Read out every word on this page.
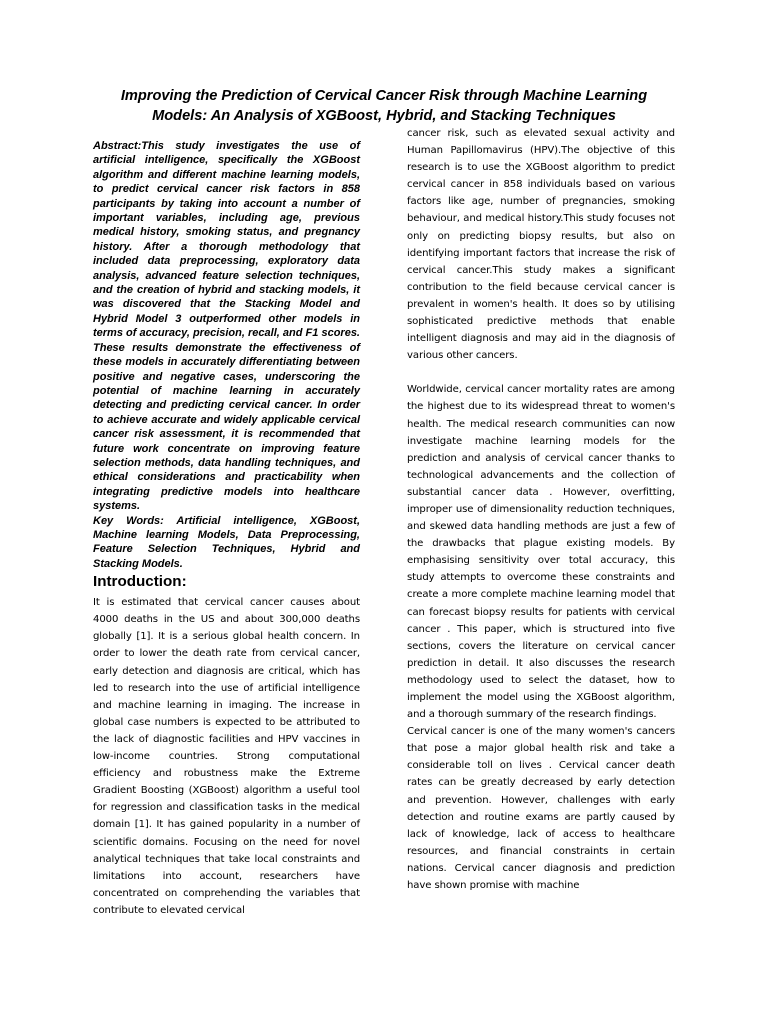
Improving the Prediction of Cervical Cancer Risk through Machine Learning Models: An Analysis of XGBoost, Hybrid, and Stacking Techniques

Abstract:This study investigates the use of artificial intelligence, specifically the XGBoost algorithm and different machine learning models, to predict cervical cancer risk factors in 858 participants by taking into account a number of important variables, including age, previous medical history, smoking status, and pregnancy history. After a thorough methodology that included data preprocessing, exploratory data analysis, advanced feature selection techniques, and the creation of hybrid and stacking models, it was discovered that the Stacking Model and Hybrid Model 3 outperformed other models in terms of accuracy, precision, recall, and F1 scores. These results demonstrate the effectiveness of these models in accurately differentiating between positive and negative cases, underscoring the potential of machine learning in accurately detecting and predicting cervical cancer. In order to achieve accurate and widely applicable cervical cancer risk assessment, it is recommended that future work concentrate on improving feature selection methods, data handling techniques, and ethical considerations and practicability when integrating predictive models into healthcare systems.

Key Words: Artificial intelligence, XGBoost, Machine learning Models, Data Preprocessing, Feature Selection Techniques, Hybrid and Stacking Models.

Introduction:

It is estimated that cervical cancer causes about 4000 deaths in the US and about 300,000 deaths globally [1]. It is a serious global health concern. In order to lower the death rate from cervical cancer, early detection and diagnosis are critical, which has led to research into the use of artificial intelligence and machine learning in imaging. The increase in global case numbers is expected to be attributed to the lack of diagnostic facilities and HPV vaccines in low-income countries. Strong computational efficiency and robustness make the Extreme Gradient Boosting (XGBoost) algorithm a useful tool for regression and classification tasks in the medical domain [1]. It has gained popularity in a number of scientific domains. Focusing on the need for novel analytical techniques that take local constraints and limitations into account, researchers have concentrated on comprehending the variables that contribute to elevated cervical

cancer risk, such as elevated sexual activity and Human Papillomavirus (HPV).The objective of this research is to use the XGBoost algorithm to predict cervical cancer in 858 individuals based on various factors like age, number of pregnancies, smoking behaviour, and medical history.This study focuses not only on predicting biopsy results, but also on identifying important factors that increase the risk of cervical cancer.This study makes a significant contribution to the field because cervical cancer is prevalent in women's health. It does so by utilising sophisticated predictive methods that enable intelligent diagnosis and may aid in the diagnosis of various other cancers.

Worldwide, cervical cancer mortality rates are among the highest due to its widespread threat to women's health. The medical research communities can now investigate machine learning models for the prediction and analysis of cervical cancer thanks to technological advancements and the collection of substantial cancer data . However, overfitting, improper use of dimensionality reduction techniques, and skewed data handling methods are just a few of the drawbacks that plague existing models. By emphasising sensitivity over total accuracy, this study attempts to overcome these constraints and create a more complete machine learning model that can forecast biopsy results for patients with cervical cancer . This paper, which is structured into five sections, covers the literature on cervical cancer prediction in detail. It also discusses the research methodology used to select the dataset, how to implement the model using the XGBoost algorithm, and a thorough summary of the research findings.

Cervical cancer is one of the many women's cancers that pose a major global health risk and take a considerable toll on lives . Cervical cancer death rates can be greatly decreased by early detection and prevention. However, challenges with early detection and routine exams are partly caused by lack of knowledge, lack of access to healthcare resources, and financial constraints in certain nations. Cervical cancer diagnosis and prediction have shown promise with machine
